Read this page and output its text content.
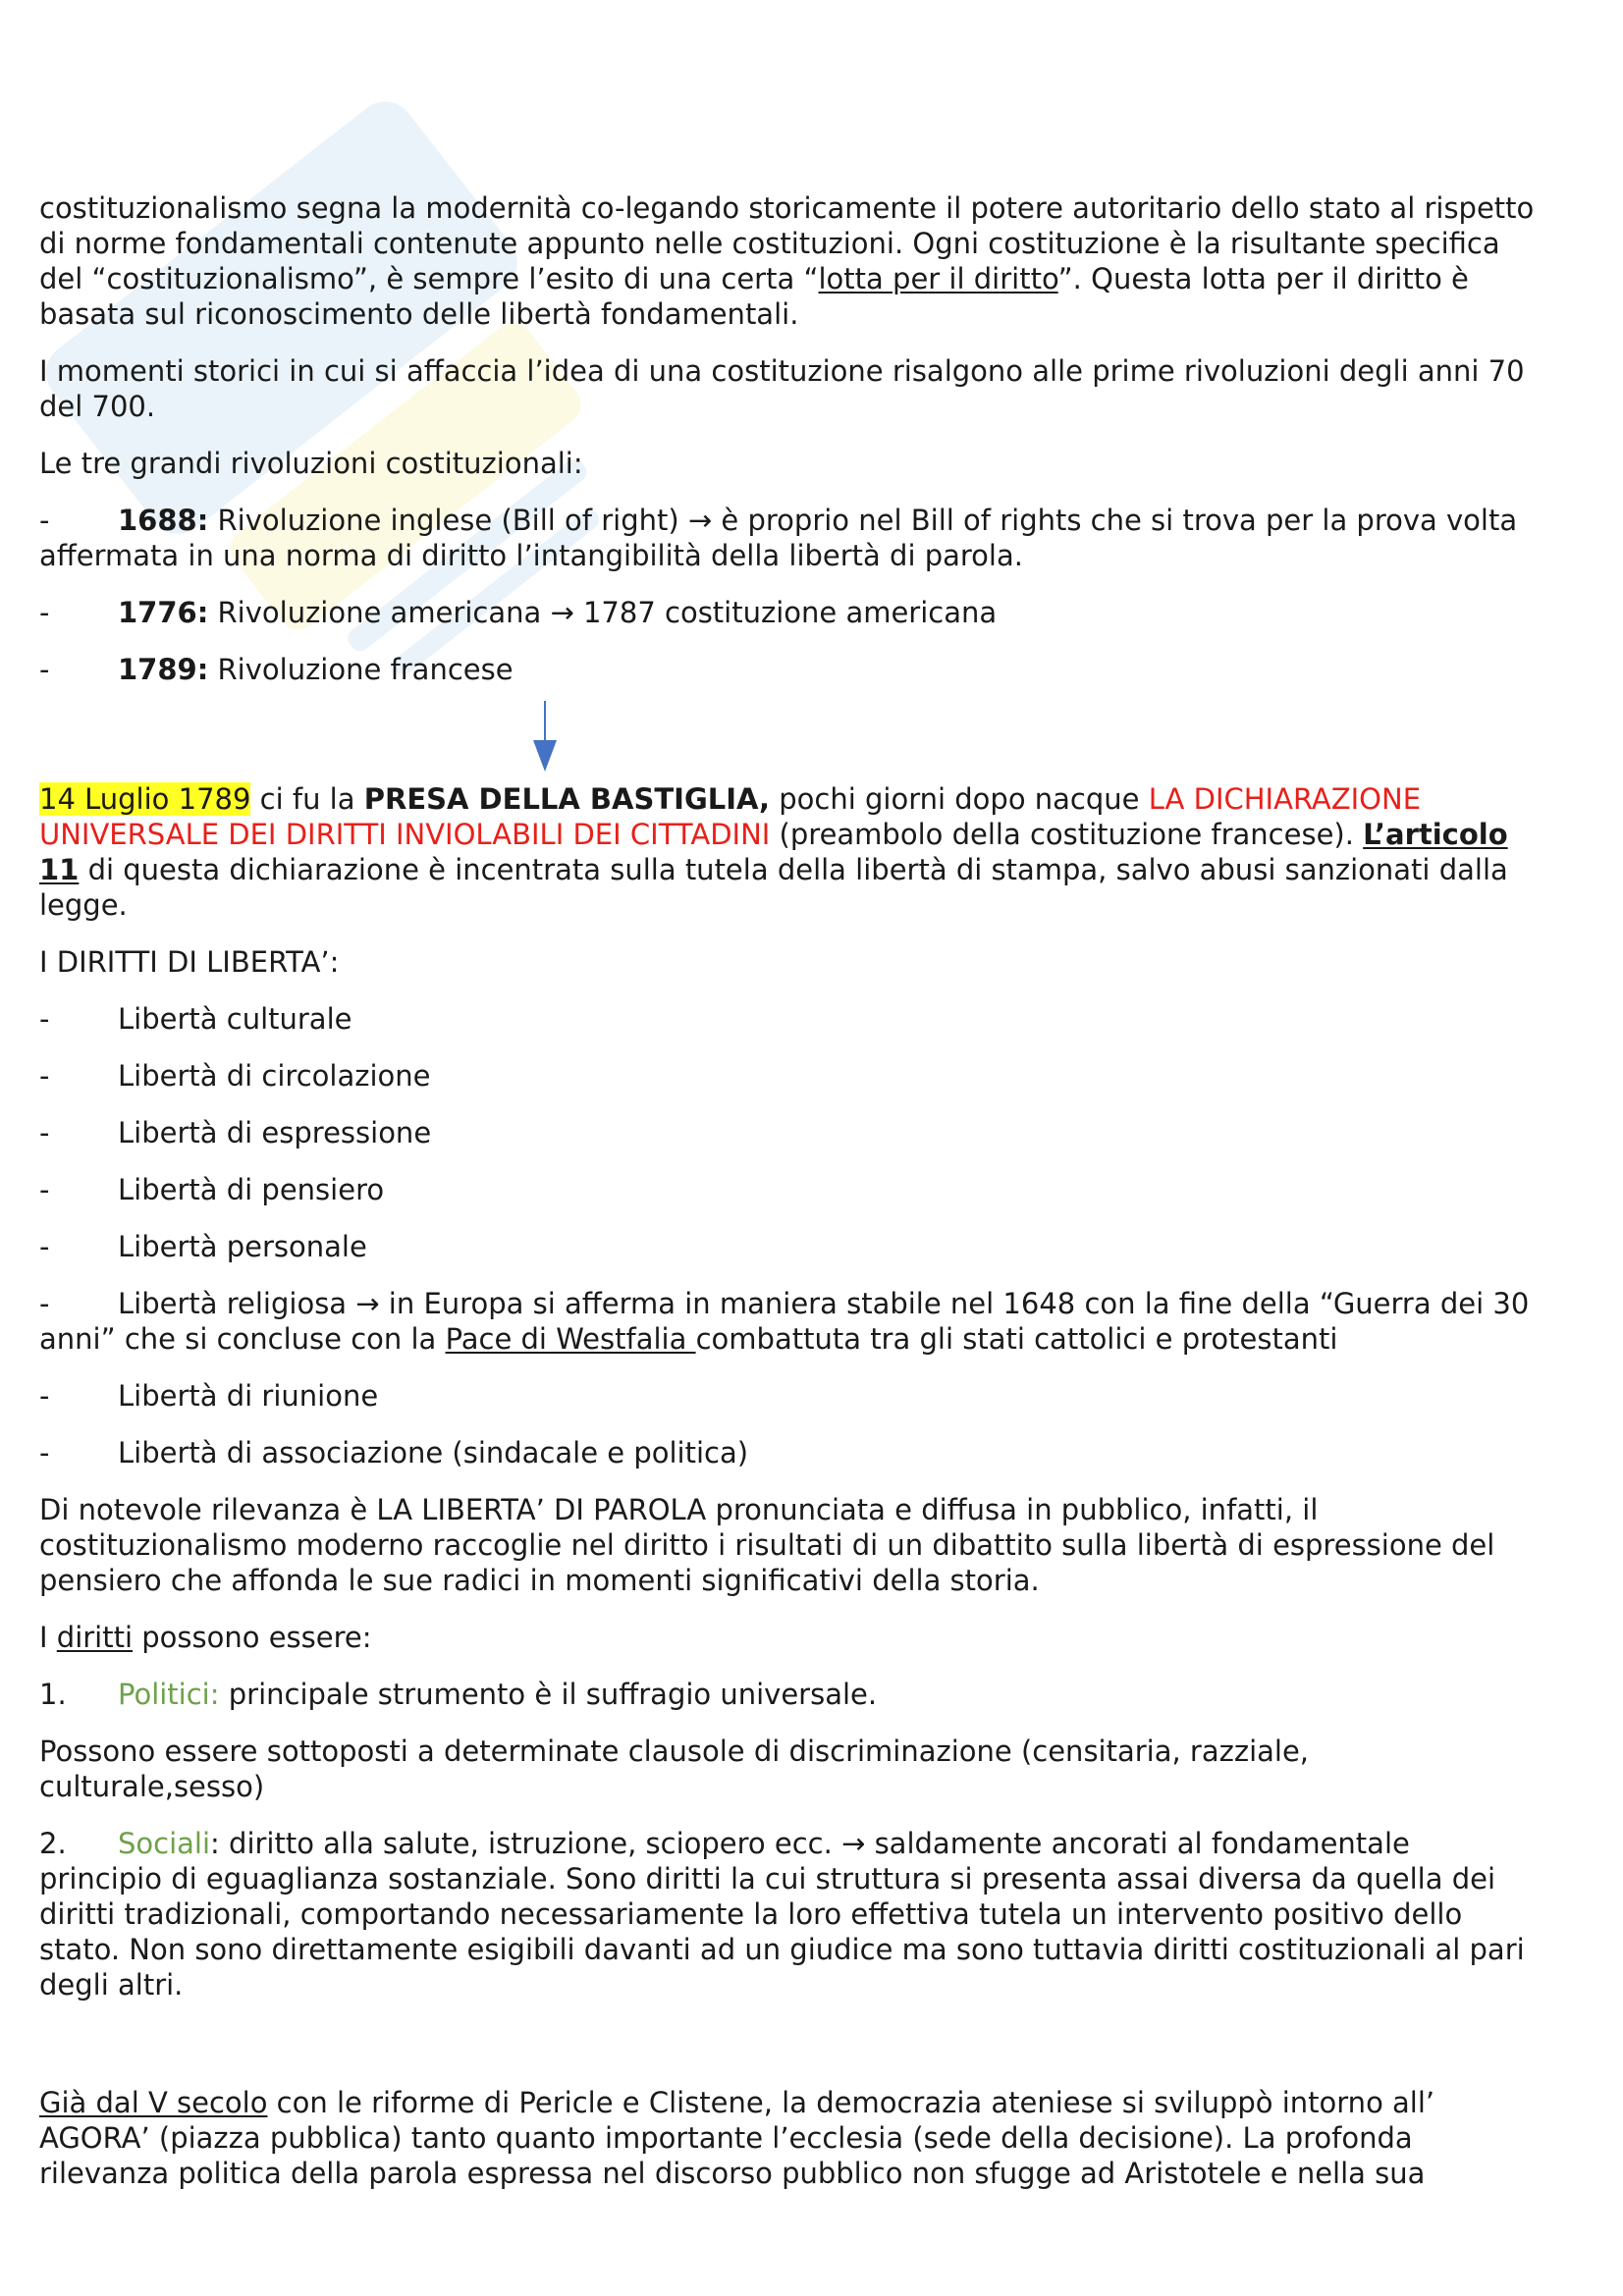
costituzionalismo segna la modernità co-legando storicamente il potere autoritario dello stato al rispetto di norme fondamentali contenute appunto nelle costituzioni. Ogni costituzione è la risultante specifica del “costituzionalismo”, è sempre l’esito di una certa “lotta per il diritto”. Questa lotta per il diritto è basata sul riconoscimento delle libertà fondamentali.

I momenti storici in cui si affaccia l’idea di una costituzione risalgono alle prime rivoluzioni degli anni 70 del 700.

Le tre grandi rivoluzioni costituzionali:

- 1688: Rivoluzione inglese (Bill of right) → è proprio nel Bill of rights che si trova per la prova volta affermata in una norma di diritto l’intangibilità della libertà di parola.
- 1776: Rivoluzione americana → 1787 costituzione americana
- 1789: Rivoluzione francese

14 Luglio 1789 ci fu la PRESA DELLA BASTIGLIA, pochi giorni dopo nacque LA DICHIARAZIONE UNIVERSALE DEI DIRITTI INVIOLABILI DEI CITTADINI (preambolo della costituzione francese). L’articolo 11 di questa dichiarazione è incentrata sulla tutela della libertà di stampa, salvo abusi sanzionati dalla legge.

I DIRITTI DI LIBERTA’:

- Libertà culturale
- Libertà di circolazione
- Libertà di espressione
- Libertà di pensiero
- Libertà personale
- Libertà religiosa → in Europa si afferma in maniera stabile nel 1648 con la fine della “Guerra dei 30 anni” che si concluse con la Pace di Westfalia combattuta tra gli stati cattolici e protestanti
- Libertà di riunione
- Libertà di associazione (sindacale e politica)

Di notevole rilevanza è LA LIBERTA’ DI PAROLA pronunciata e diffusa in pubblico, infatti, il costituzionalismo moderno raccoglie nel diritto i risultati di un dibattito sulla libertà di espressione del pensiero che affonda le sue radici in momenti significativi della storia.

I diritti possono essere:

1. Politici: principale strumento è il suffragio universale.

Possono essere sottoposti a determinate clausole di discriminazione (censitaria, razziale, culturale,sesso)

2. Sociali: diritto alla salute, istruzione, sciopero ecc. → saldamente ancorati al fondamentale principio di eguaglianza sostanziale. Sono diritti la cui struttura si presenta assai diversa da quella dei diritti tradizionali, comportando necessariamente la loro effettiva tutela un intervento positivo dello stato. Non sono direttamente esigibili davanti ad un giudice ma sono tuttavia diritti costituzionali al pari degli altri.

Già dal V secolo con le riforme di Pericle e Clistene, la democrazia ateniese si sviluppò intorno all’ AGORA’ (piazza pubblica) tanto quanto importante l’ecclesia (sede della decisione). La profonda rilevanza politica della parola espressa nel discorso pubblico non sfugge ad Aristotele e nella sua
